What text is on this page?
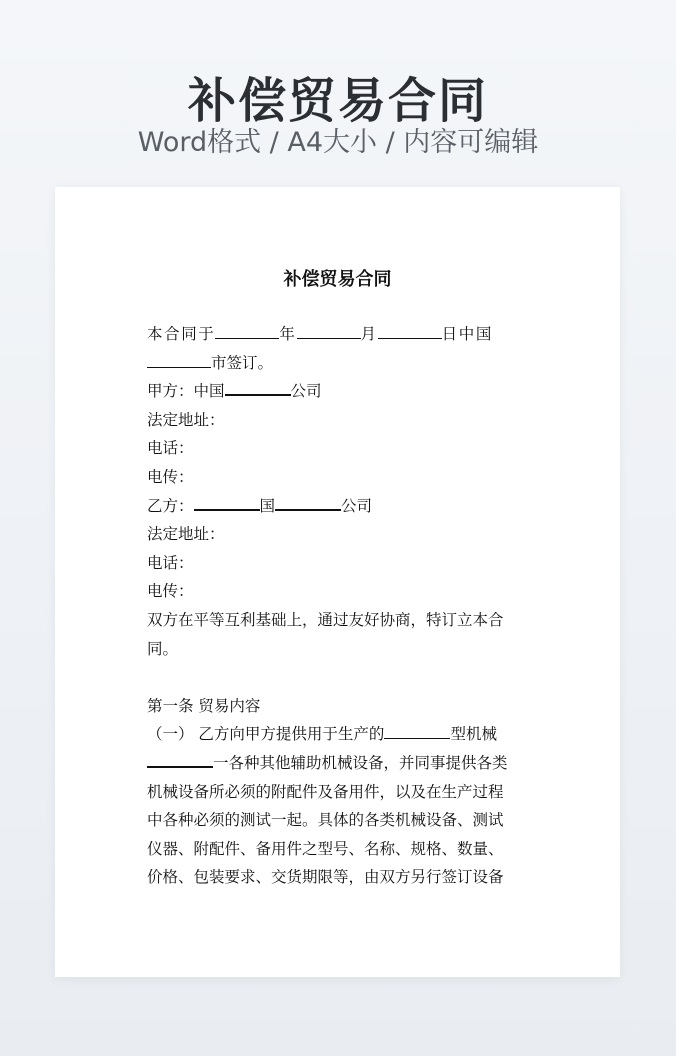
补偿贸易合同
Word格式 / A4大小 / 内容可编辑
补偿贸易合同
本合同于	年	月	日中国
市签订。
甲方：中国	公司
法定地址：
电话：
电传：
乙方：	国	公司
法定地址：
电话：
电传：
双方在平等互利基础上，通过友好协商，特订立本合
同。
第一条 贸易内容
（一） 乙方向甲方提供用于生产的	型机械
一各种其他辅助机械设备，并同事提供各类
机械设备所必须的附配件及备用件，以及在生产过程
中各种必须的测试一起。具体的各类机械设备、测试
仪器、附配件、备用件之型号、名称、规格、数量、
价格、包装要求、交货期限等，由双方另行签订设备
